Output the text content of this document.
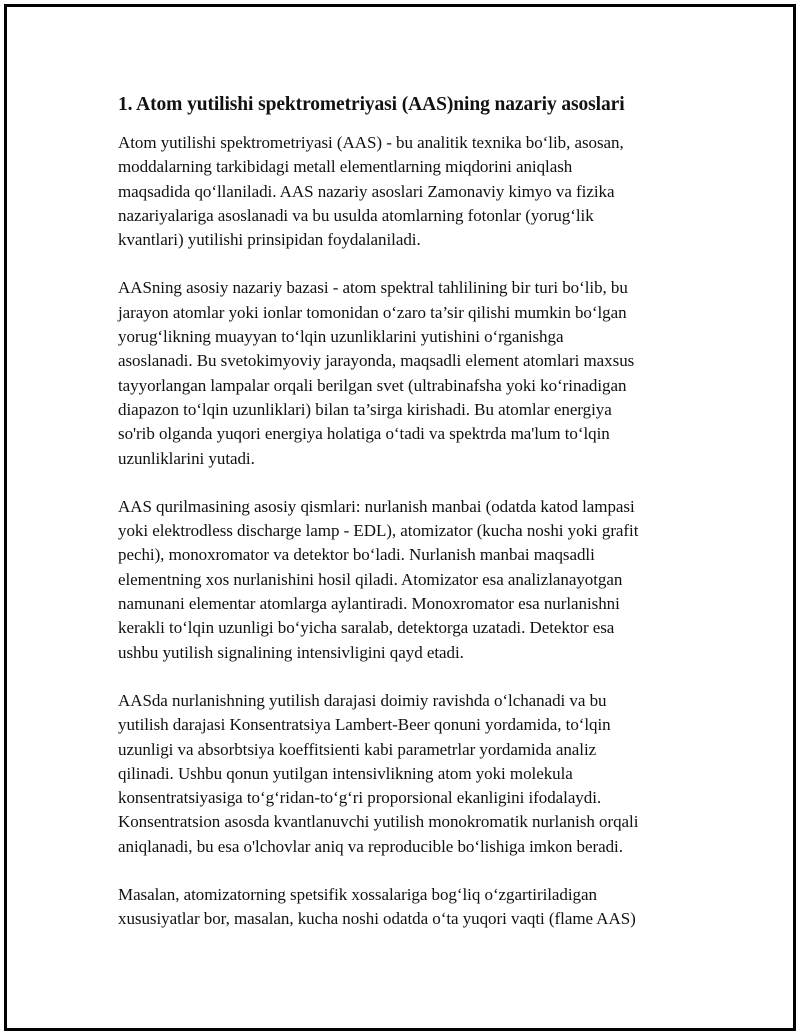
1. Atom yutilishi spektrometriyasi (AAS)ning nazariy asoslari
Atom yutilishi spektrometriyasi (AAS) - bu analitik texnika bo‘lib, asosan,
moddalarning tarkibidagi metall elementlarning miqdorini aniqlash
maqsadida qo‘llaniladi. AAS nazariy asoslari Zamonaviy kimyo va fizika
nazariyalariga asoslanadi va bu usulda atomlarning fotonlar (yorug‘lik
kvantlari) yutilishi prinsipidan foydalaniladi.
AASning asosiy nazariy bazasi - atom spektral tahlilining bir turi bo‘lib, bu
jarayon atomlar yoki ionlar tomonidan o‘zaro ta’sir qilishi mumkin bo‘lgan
yorug‘likning muayyan to‘lqin uzunliklarini yutishini o‘rganishga
asoslanadi. Bu svetokimyoviy jarayonda, maqsadli element atomlari maxsus
tayyorlangan lampalar orqali berilgan svet (ultrabinafsha yoki ko‘rinadigan
diapazon to‘lqin uzunliklari) bilan ta’sirga kirishadi. Bu atomlar energiya
so'rib olganda yuqori energiya holatiga o‘tadi va spektrda ma'lum to‘lqin
uzunliklarini yutadi.
AAS qurilmasining asosiy qismlari: nurlanish manbai (odatda katod lampasi
yoki elektrodless discharge lamp - EDL), atomizator (kucha noshi yoki grafit
pechi), monoxromator va detektor bo‘ladi. Nurlanish manbai maqsadli
elementning xos nurlanishini hosil qiladi. Atomizator esa analizlanayotgan
namunani elementar atomlarga aylantiradi. Monoxromator esa nurlanishni
kerakli to‘lqin uzunligi bo‘yicha saralab, detektorga uzatadi. Detektor esa
ushbu yutilish signalining intensivligini qayd etadi.
AASda nurlanishning yutilish darajasi doimiy ravishda o‘lchanadi va bu
yutilish darajasi Konsentratsiya Lambert-Beer qonuni yordamida, to‘lqin
uzunligi va absorbtsiya koeffitsienti kabi parametrlar yordamida analiz
qilinadi. Ushbu qonun yutilgan intensivlikning atom yoki molekula
konsentratsiyasiga to‘g‘ridan-to‘g‘ri proporsional ekanligini ifodalaydi.
Konsentratsion asosda kvantlanuvchi yutilish monokromatik nurlanish orqali
aniqlanadi, bu esa o'lchovlar aniq va reproducible bo‘lishiga imkon beradi.
Masalan, atomizatorning spetsifik xossalariga bog‘liq o‘zgartiriladigan
xususiyatlar bor, masalan, kucha noshi odatda o‘ta yuqori vaqti (flame AAS)
